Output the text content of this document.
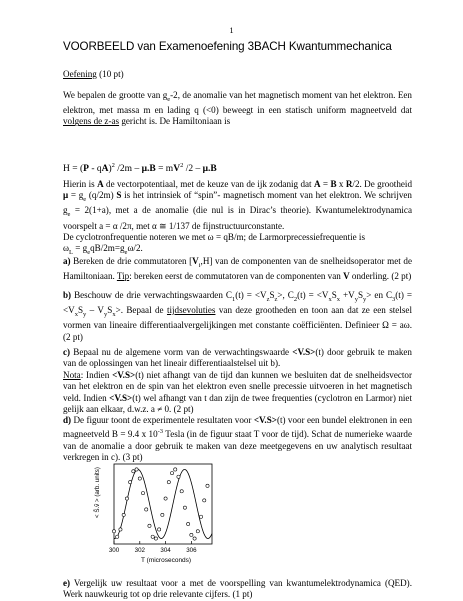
1
VOORBEELD van Examenoefening 3BACH Kwantummechanica
Oefening (10 pt)
We bepalen de grootte van $g_e-2$, de anomalie van het magnetisch moment van het elektron. Een elektron, met massa m en lading q (<0) beweegt in een statisch uniform magneetveld dat volgens de z-as gericht is. De Hamiltoniaan is
H = (P - qA)$^2$ $/2m - \mu.B = mV^2$ /2 – μ.B
Hierin is A de vectorpotentiaal, met de keuze van de ijk zodanig dat A = B x R/2. De grootheid $\mu = g_e$ (q/2m) S is het intrinsiek of “spin”- magnetisch moment van het elektron. We schrijven $g_e = 2(1+a)$, met a de anomalie (die nul is in Dirac’s theorie). Kwantumelektrodynamica voorspelt a = α /2π, met α ≅ 1/137 de fijnstructuurconstante.
De cyclotronfrequentie noteren we met ω = qB/m; de Larmorprecessiefrequentie is
$\omega_L = g_eqB/2m=g_e\omega/2$.
a) Bereken de drie commutatoren $[V_i,H]$ van de componenten van de snelheidsoperator met de Hamiltoniaan. Tip: bereken eerst de commutatoren van de componenten van V onderling. (2 pt)
b) Beschouw de drie verwachtingswaarden $C_1(t) = <V_zS_z>$, $C_2(t) = <V_xS_x +V_yS_y>$ en $C_3(t) = <V_xS_y - V_yS_x>$. Bepaal de tijdsevoluties van deze grootheden en toon aan dat ze een stelsel vormen van lineaire differentiaalvergelijkingen met constante coëfficiënten. Definieer Ω = aω. (2 pt)
c) Bepaal nu de algemene vorm van de verwachtingswaarde <V.S>(t) door gebruik te maken van de oplossingen van het lineair differentiaalstelsel uit b).
Nota: Indien <V.S>(t) niet afhangt van de tijd dan kunnen we besluiten dat de snelheidsvector van het elektron en de spin van het elektron even snelle precessie uitvoeren in het magnetisch veld. Indien <V.S>(t) wel afhangt van t dan zijn de twee frequenties (cyclotron en Larmor) niet gelijk aan elkaar, d.w.z. a ≠ 0. (2 pt)
d) De figuur toont de experimentele resultaten voor <V.S>(t) voor een bundel elektronen in een magneetveld B = 9.4 x $10^{-3}$ Tesla (in de figuur staat T voor de tijd). Schat de numerieke waarde van de anomalie a door gebruik te maken van deze meetgegevens en uw analytisch resultaat verkregen in c). (3 pt)
300 302 304 306
< Ŝ.v̂ > (arb. units)
T (microseconds)
e) Vergelijk uw resultaat voor a met de voorspelling van kwantumelektrodynamica (QED). Werk nauwkeurig tot op drie relevante cijfers. (1 pt)
